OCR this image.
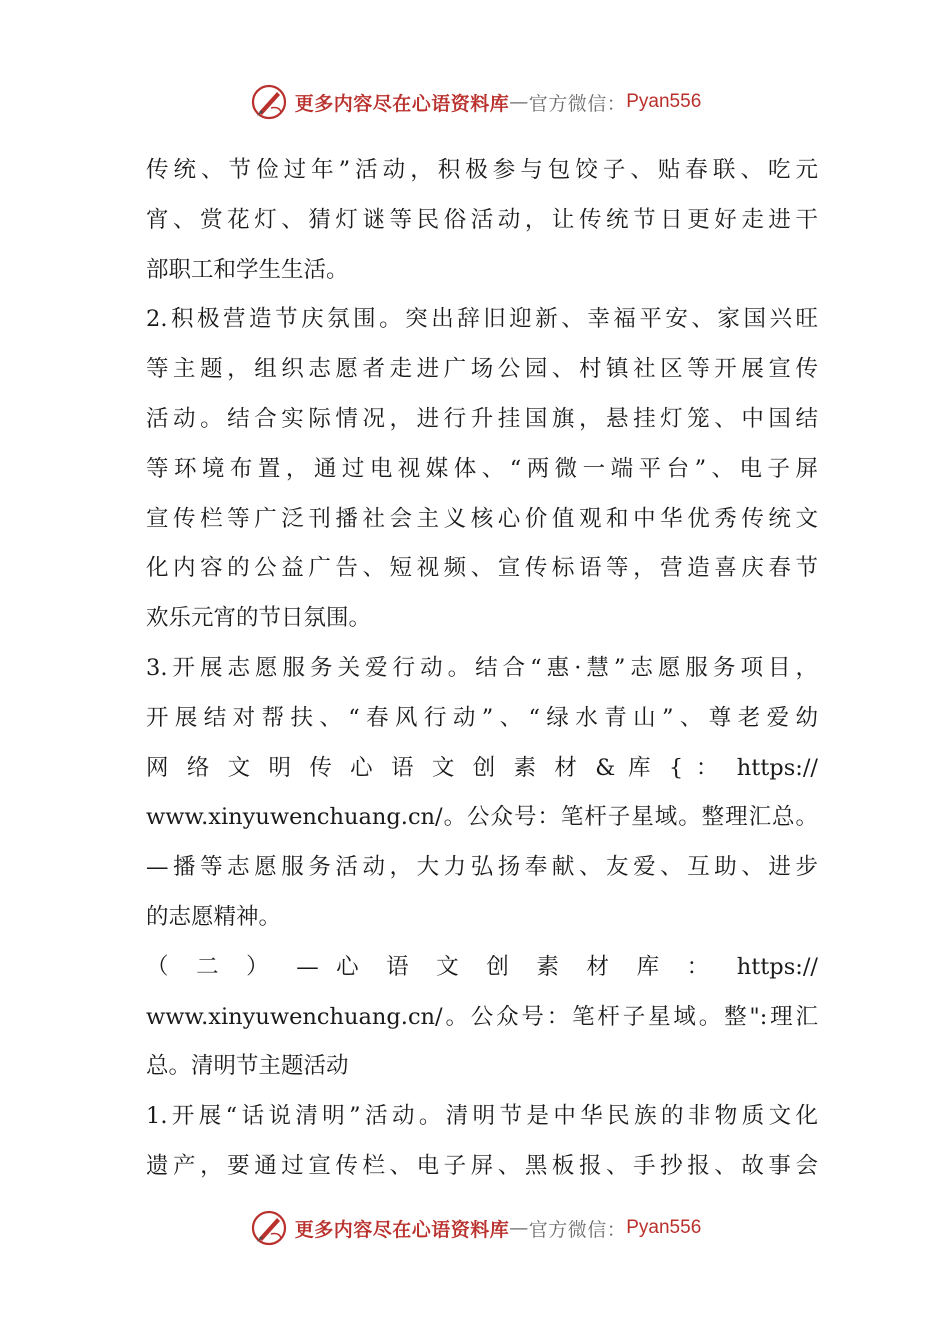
更多内容尽在心语资料库 — 官方微信： Pyan556
传统、节俭过年”活动，积极参与包饺子、贴春联、吃元
宵、赏花灯、猜灯谜等民俗活动，让传统节日更好走进干
部职工和学生生活。
2.积极营造节庆氛围。突出辞旧迎新、幸福平安、家国兴旺
等主题，组织志愿者走进广场公园、村镇社区等开展宣传
活动。结合实际情况，进行升挂国旗，悬挂灯笼、中国结
等环境布置，通过电视媒体、“两微一端平台”、电子屏
宣传栏等广泛刊播社会主义核心价值观和中华优秀传统文
化内容的公益广告、短视频、宣传标语等，营造喜庆春节
欢乐元宵的节日氛围。
3.开展志愿服务关爱行动。结合“惠·慧”志愿服务项目，
开展结对帮扶、“春风行动”、“绿水青山”、尊老爱幼
网 络 文 明 传 心 语 文 创 素 材 & 库 { ： https://
www.xinyuwenchuang.cn/。公众号：笔杆子星域。整理汇总。
—播等志愿服务活动，大力弘扬奉献、友爱、互助、进步
的志愿精神。
（ 二 ） — 心 语 文 创 素 材 库 ： https://
www.xinyuwenchuang.cn/。公众号：笔杆子星域。整":理汇
总。清明节主题活动
1.开展“话说清明”活动。清明节是中华民族的非物质文化
遗产，要通过宣传栏、电子屏、黑板报、手抄报、故事会
更多内容尽在心语资料库 — 官方微信： Pyan556
